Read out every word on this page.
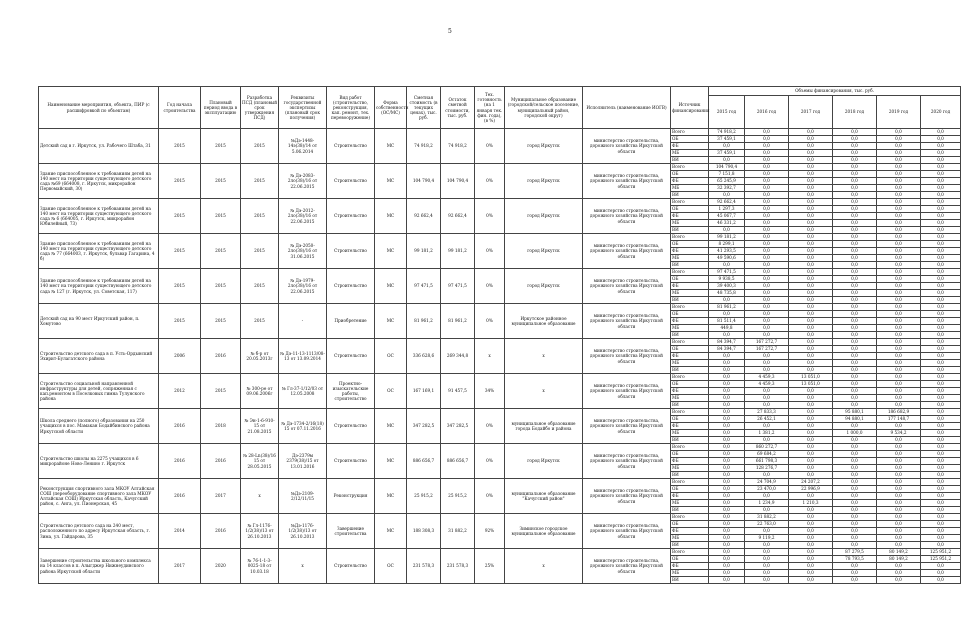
5
Наименование мероприятия, объекта, ПИР (с расшифровкой по объектам)	Год начала строительства	Плановый период ввода в эксплуатацию	Разработка ПСД (плановый срок утверждения ПСД)	Реквизиты государственной экспертизы (плановый срок получения)	Вид работ (строительство, реконструкция, кап. ремонт, тех. перевооружение)	Форма собственности (ОС/МС)	Сметная стоимость (в текущих ценах), тыс. руб.	Остаток сметной стоимости, тыс. руб.	Тех. готовность (на 1 января тек. фин. года), (в %)	Муниципальное образование (городской/сельское поселение, муниципальный район, городской округ)	Исполнитель (наименование ИОГВ)	Источник финансирования	Объемы финансирования, тыс. руб.					
													2015 год	2016 год	2017 год	2018 год	2019 год	2020 год
Детский сад в г. Иркутск, ул. Рабочего Штаба, 31	2015	2015	2015	№Дэ-1448-14э(38)/14 от 5.06.2014	Строительство	МС	74 918,2	74 918,2	0%	город Иркутск	министерство строительства, дорожного хозяйства Иркутской области	Всего	74 918,2	0,0	0,0	0,0	0,0	0,0
												ОБ	37 459,1	0,0	0,0	0,0	0,0	0,0
												ФБ	0,0	0,0	0,0	0,0	0,0	0,0
												МБ	37 459,1	0,0	0,0	0,0	0,0	0,0
												ВИ	0,0	0,0	0,0	0,0	0,0	0,0
Здание приспособленное к требованиям детей на 140 мест на территории существующего детского сада №69 (664008, г. Иркутск, микрорайон Первомайский, 30)	2015	2015	2015	№ Дэ-2083-2ло(38)/16 от 22.06.2015	Строительство	МС	104 790,4	104 790,4	0%	город Иркутск	министерство строительства, дорожного хозяйства Иркутской области	Всего	104 790,4	0,0	0,0	0,0	0,0	0,0
												ОБ	7 151,8	0,0	0,0	0,0	0,0	0,0
												ФБ	65 245,9	0,0	0,0	0,0	0,0	0,0
												МБ	32 392,7	0,0	0,0	0,0	0,0	0,0
												ВИ	0,0	0,0	0,0	0,0	0,0	0,0
Здание приспособленное к требованиям детей на 140 мест на территории существующего детского сада № 6 (664005, г. Иркутск, микрорайон Юбилейный, 73)	2015	2015	2015	№ Дэ-2012-2ло(38)/16 от 22.06.2015	Строительство	МС	92 662,4	92 662,4	0%	город Иркутск	министерство строительства, дорожного хозяйства Иркутской области	Всего	92 662,4	0,0	0,0	0,0	0,0	0,0
												ОБ	1 297,3	0,0	0,0	0,0	0,0	0,0
												ФБ	45 067,7	0,0	0,0	0,0	0,0	0,0
												МБ	46 331,2	0,0	0,0	0,0	0,0	0,0
												ВИ	0,0	0,0	0,0	0,0	0,0	0,0
Здание приспособленное к требованиям детей на 140 мест на территории существующего детского сада № 77 (664003, г. Иркутск, бульвар Гагарина, 4 б)	2015	2015	2015	№ Дэ-2050-2ло(38)/16 от 31.06.2015	Строительство	МС	99 181,2	99 181,2	0%	город Иркутск	министерство строительства, дорожного хозяйства Иркутской области	Всего	99 181,2	0,0	0,0	0,0	0,0	0,0
												ОБ	8 299,1	0,0	0,0	0,0	0,0	0,0
												ФБ	41 293,5	0,0	0,0	0,0	0,0	0,0
												МБ	49 590,6	0,0	0,0	0,0	0,0	0,0
												ВИ	0,0	0,0	0,0	0,0	0,0	0,0
Здание приспособленное к требованиям детей на 140 мест на территории существующего детского сада № 127 (г. Иркутск, ул. Советская, 117)	2015	2015	2015	№ Дэ-1979-2ло(38)/16 от 22.06.2015	Строительство	МС	97 471,5	97 471,5	0%	город Иркутск	министерство строительства, дорожного хозяйства Иркутской области	Всего	97 471,5	0,0	0,0	0,0	0,0	0,0
												ОБ	9 938,5	0,0	0,0	0,0	0,0	0,0
												ФБ	39 400,3	0,0	0,0	0,0	0,0	0,0
												МБ	48 735,8	0,0	0,0	0,0	0,0	0,0
												ВИ	0,0	0,0	0,0	0,0	0,0	0,0
Детский сад на 90 мест Иркутский район, п. Хомутово	2015	2015	2015	-	Приобретение	МС	81 961,2	81 961,2	0%	Иркутское районное муниципальное образование	министерство строительства, дорожного хозяйства Иркутской области	Всего	81 961,2	0,0	0,0	0,0	0,0	0,0
												ОБ	0,0	0,0	0,0	0,0	0,0	0,0
												ФБ	81 511,4	0,0	0,0	0,0	0,0	0,0
												МБ	449,8	0,0	0,0	0,0	0,0	0,0
												ВИ	0,0	0,0	0,0	0,0	0,0	0,0
Строительство детского сада в п. Усть-Ордынский Эхирит-Булагатского района	2006	2016	№ б-р от 20.05.2013г	№ Дэ-11-13-1113/08-13 от 13.09.2014	Строительство	ОС	336 628,6	269 344,8	x	x	министерство строительства, дорожного хозяйства Иркутской области	Всего	84 394,7	167 272,7	0,0	0,0	0,0	0,0
												ОБ	84 394,7	167 272,7	0,0	0,0	0,0	0,0
												ФБ	0,0	0,0	0,0	0,0	0,0	0,0
												МБ	0,0	0,0	0,0	0,0	0,0	0,0
												ВИ	0,0	0,0	0,0	0,0	0,0	0,0
Строительство социальной направленной инфраструктуры для детей, сопряженная с кап.ремонтом в Поселковых гимна Тулунского района	2012	2015	№ 300-ре от 09.06.2006г	№ Гл-37-1/12/03 от 12.05.2008	Проектно-изыскательские работы, строительство	ОС	167 169,1	91 457,5	34%	x	министерство строительства, дорожного хозяйства Иркутской области	Всего	0,0	4 459,3	13 051,0	0,0	0,0	0,0
												ОБ	0,0	4 459,3	13 051,0	0,0	0,0	0,0
												ФБ	0,0	0,0	0,0	0,0	0,0	0,0
												МБ	0,0	0,0	0,0	0,0	0,0	0,0
												ВИ	0,0	0,0	0,0	0,0	0,0	0,0
Школа среднего (полного) образования на 250 учащихся в пос. Мамакан Бодайбинского района Иркутской области	2016	2018	№ Эн-1-6-910-15 от 21.08.2015	№ Дэ-1734-2/16(18) 15 от 07.11.2016	Строительство	МС	347 282,5	347 282,5	0%	муниципальное образование города Бодайбо и района	министерство строительства, дорожного хозяйства Иркутской области	Всего	0,0	27 833,3	0,0	95 880,1	186 682,9	0,0
												ОБ	0,0	26 452,1	0,0	94 880,1	177 148,7	0,0
												ФБ	0,0	0,0	0,0	0,0	0,0	0,0
												МБ	0,0	1 381,2	0,0	1 000,0	9 534,2	0,0
												ВИ	0,0	0,0	0,0	0,0	0,0	0,0
Строительство школы на 2275 учащихся в 6 микрорайоне Ново-Ленино г. Иркутск	2016	2016	№ 28-Ln(38)/16 15 от 28.05.2015	Дэ-2379м 2379(38)/15 от 13.01.2016	Строительство	МС	886 656,7	886 656,7	0%	город Иркутск	министерство строительства, дорожного хозяйства Иркутской области	Всего	0,0	860 272,7	0,0	0,0	0,0	0,0
												ОБ	0,0	69 684,2	0,0	0,0	0,0	0,0
												ФБ	0,0	661 798,3	0,0	0,0	0,0	0,0
												МБ	0,0	128 276,7	0,0	0,0	0,0	0,0
												ВИ	0,0	0,0	0,0	0,0	0,0	0,0
Реконструкция спортивного зала МКОУ Алтайская СОШ (переоборудование спортивного зала МКОУ Алтайская СОШ) Иркутская область, Качугский район, с. Анга, ул. Пионерская, 45	2016	2017	x	№Дэ-2109-2/12/11/15	Реконструкция	МС	25 915,2	25 915,2	0%	муниципальное образование "Качугский район"	министерство строительства, дорожного хозяйства Иркутской области	Всего	0,0	24 704,9	24 207,2	0,0	0,0	0,0
												ОБ	0,0	23 470,0	22 996,9	0,0	0,0	0,0
												ФБ	0,0	0,0	0,0	0,0	0,0	0,0
												МБ	0,0	1 234,9	1 210,3	0,0	0,0	0,0
												ВИ	0,0	0,0	0,0	0,0	0,0	0,0
Строительство детского сада на 240 мест, расположенного по адресу Иркутская область, г. Зима, ул. Гайдарова, 35	2014	2016	№ Гл-1176-1/2(38)/13 от 26.10.2013	№Дэ-1176-1/2(38)/13 от 26.10.2013	Завершение строительства	МС	188 308,3	31 882,2	92%	Зиминское городское муниципальное образование	министерство строительства, дорожного хозяйства Иркутской области	Всего	0,0	31 882,2	0,0	0,0	0,0	0,0
												ОБ	0,0	22 763,0	0,0	0,0	0,0	0,0
												ФБ	0,0	0,0	0,0	0,0	0,0	0,0
												МБ	0,0	9 119,2	0,0	0,0	0,0	0,0
												ВИ	0,0	0,0	0,0	0,0	0,0	0,0
Завершение строительства школьного комплекса на 14 классов в п. Алыгджер Нижнеудинского района Иркутской области	2017	2020	№ 76-1-1-3-0025-18 от 10.03.18	x	Строительство	ОС	231 578,3	231 578,3	25%	x	министерство строительства, дорожного хозяйства Иркутской области	Всего	0,0	0,0	0,0	87 279,5	80 149,2	125 951,2
												ОБ	0,0	0,0	0,0	78 793,5	80 149,2	125 951,2
												ФБ	0,0	0,0	0,0	0,0	0,0	0,0
												МБ	0,0	0,0	0,0	0,0	0,0	0,0
												ВИ	0,0	0,0	0,0	0,0	0,0	0,0
